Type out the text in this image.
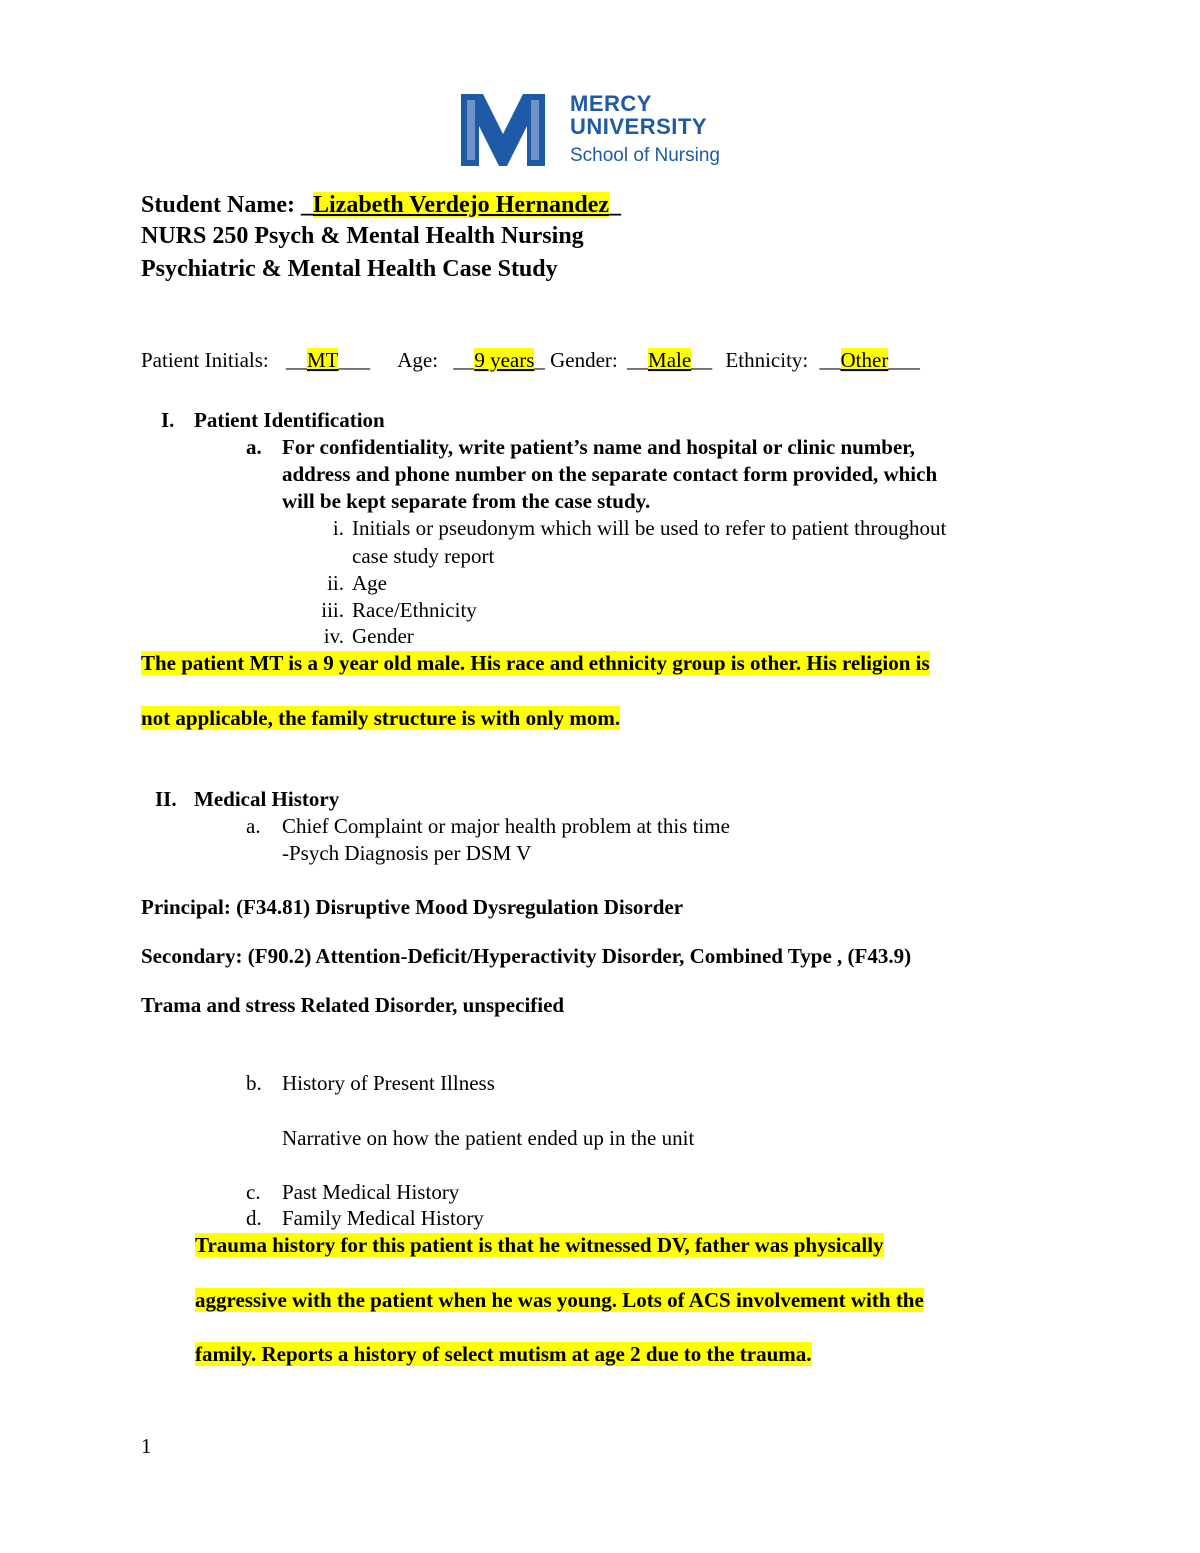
MERCY
UNIVERSITY
School of Nursing
Student Name: _Lizabeth Verdejo Hernandez_
NURS 250 Psych & Mental Health Nursing
Psychiatric & Mental Health Case Study
Patient Initials: __MT___ Age: __9 years_ Gender: __Male__ Ethnicity: __Other___
I. Patient Identification
a. For confidentiality, write patient’s name and hospital or clinic number,
address and phone number on the separate contact form provided, which
will be kept separate from the case study.
i. Initials or pseudonym which will be used to refer to patient throughout
case study report
ii. Age
iii. Race/Ethnicity
iv. Gender
The patient MT is a 9 year old male. His race and ethnicity group is other. His religion is
not applicable, the family structure is with only mom.
II. Medical History
a. Chief Complaint or major health problem at this time
-Psych Diagnosis per DSM V
Principal: (F34.81) Disruptive Mood Dysregulation Disorder
Secondary: (F90.2) Attention-Deficit/Hyperactivity Disorder, Combined Type , (F43.9)
Trama and stress Related Disorder, unspecified
b. History of Present Illness
Narrative on how the patient ended up in the unit
c. Past Medical History
d. Family Medical History
Trauma history for this patient is that he witnessed DV, father was physically
aggressive with the patient when he was young. Lots of ACS involvement with the
family. Reports a history of select mutism at age 2 due to the trauma.
1
